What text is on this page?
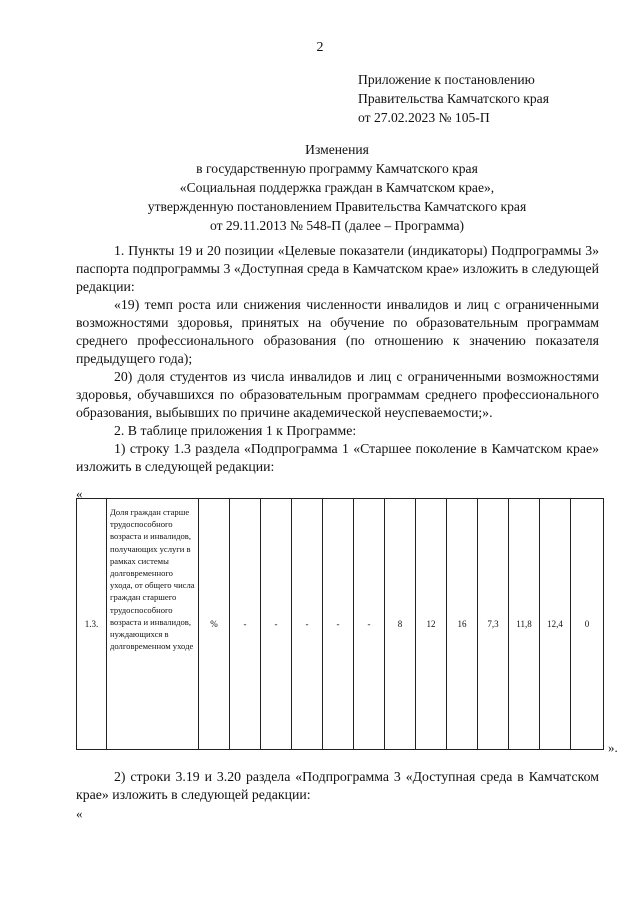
2
Приложение к постановлению
Правительства Камчатского края
от 27.02.2023 № 105-П
Изменения
в государственную программу Камчатского края
«Социальная поддержка граждан в Камчатском крае»,
утвержденную постановлением Правительства Камчатского края
от 29.11.2013 № 548-П (далее – Программа)

1. Пункты 19 и 20 позиции «Целевые показатели (индикаторы) Подпрограммы 3» паспорта подпрограммы 3 «Доступная среда в Камчатском крае» изложить в следующей редакции:

«19) темп роста или снижения численности инвалидов и лиц с ограниченными возможностями здоровья, принятых на обучение по образовательным программам среднего профессионального образования (по отношению к значению показателя предыдущего года);

20) доля студентов из числа инвалидов и лиц с ограниченными возможностями здоровья, обучавшихся по образовательным программам среднего профессионального образования, выбывших по причине академической неуспеваемости;».

2. В таблице приложения 1 к Программе:

1) строку 1.3 раздела «Подпрограмма 1 «Старшее поколение в Камчатском крае» изложить в следующей редакции:

«
1.3.	Доля граждан старше трудоспособного возраста и инвалидов, получающих услуги в рамках системы долговременного ухода, от общего числа граждан старшего трудоспособного возраста и инвалидов, нуждающихся в долговременном уходе	%	-	-	-	-	-	8	12	16	7,3	11,8	12,4	0
».

2) строки 3.19 и 3.20 раздела «Подпрограмма 3 «Доступная среда в Камчатском крае» изложить в следующей редакции:

«
